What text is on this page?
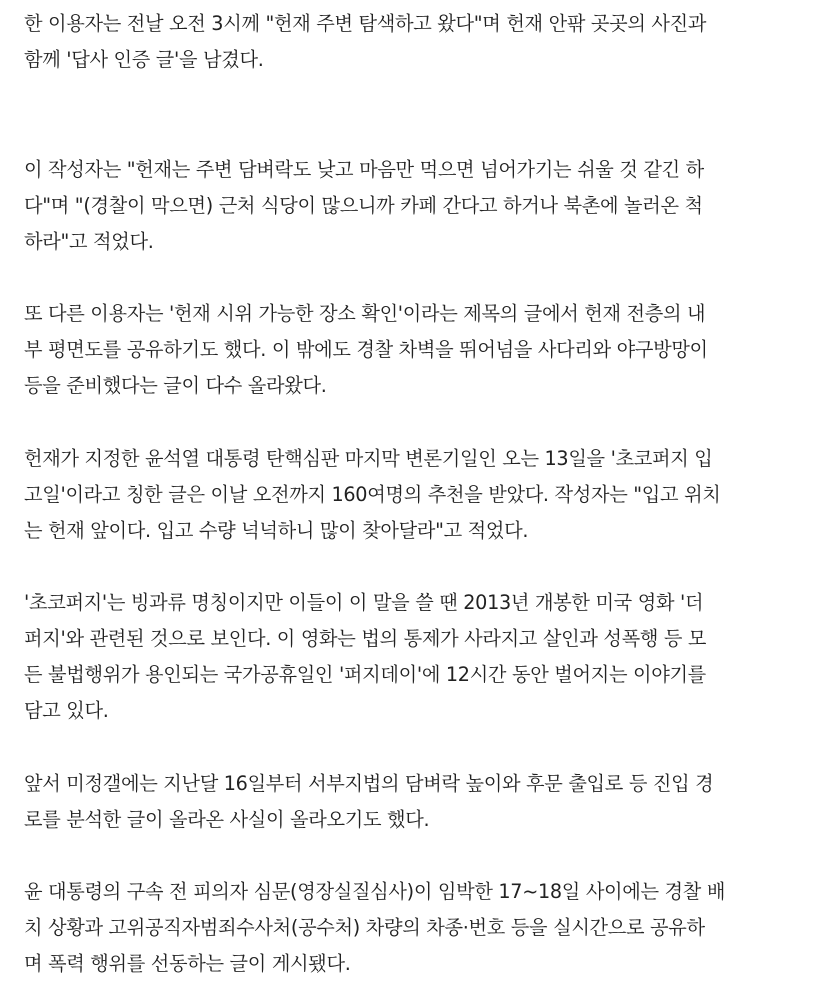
한 이용자는 전날 오전 3시께 "헌재 주변 탐색하고 왔다"며 헌재 안팎 곳곳의 사진과
함께 '답사 인증 글'을 남겼다.

이 작성자는 "헌재는 주변 담벼락도 낮고 마음만 먹으면 넘어가기는 쉬울 것 같긴 하
다"며 "(경찰이 막으면) 근처 식당이 많으니까 카페 간다고 하거나 북촌에 놀러온 척
하라"고 적었다.

또 다른 이용자는 '헌재 시위 가능한 장소 확인'이라는 제목의 글에서 헌재 전층의 내
부 평면도를 공유하기도 했다. 이 밖에도 경찰 차벽을 뛰어넘을 사다리와 야구방망이
등을 준비했다는 글이 다수 올라왔다.

헌재가 지정한 윤석열 대통령 탄핵심판 마지막 변론기일인 오는 13일을 '초코퍼지 입
고일'이라고 칭한 글은 이날 오전까지 160여명의 추천을 받았다. 작성자는 "입고 위치
는 헌재 앞이다. 입고 수량 넉넉하니 많이 찾아달라"고 적었다.

'초코퍼지'는 빙과류 명칭이지만 이들이 이 말을 쓸 땐 2013년 개봉한 미국 영화 '더
퍼지'와 관련된 것으로 보인다. 이 영화는 법의 통제가 사라지고 살인과 성폭행 등 모
든 불법행위가 용인되는 국가공휴일인 '퍼지데이'에 12시간 동안 벌어지는 이야기를
담고 있다.

앞서 미정갤에는 지난달 16일부터 서부지법의 담벼락 높이와 후문 출입로 등 진입 경
로를 분석한 글이 올라온 사실이 올라오기도 했다.

윤 대통령의 구속 전 피의자 심문(영장실질심사)이 임박한 17~18일 사이에는 경찰 배
치 상황과 고위공직자범죄수사처(공수처) 차량의 차종·번호 등을 실시간으로 공유하
며 폭력 행위를 선동하는 글이 게시됐다.
